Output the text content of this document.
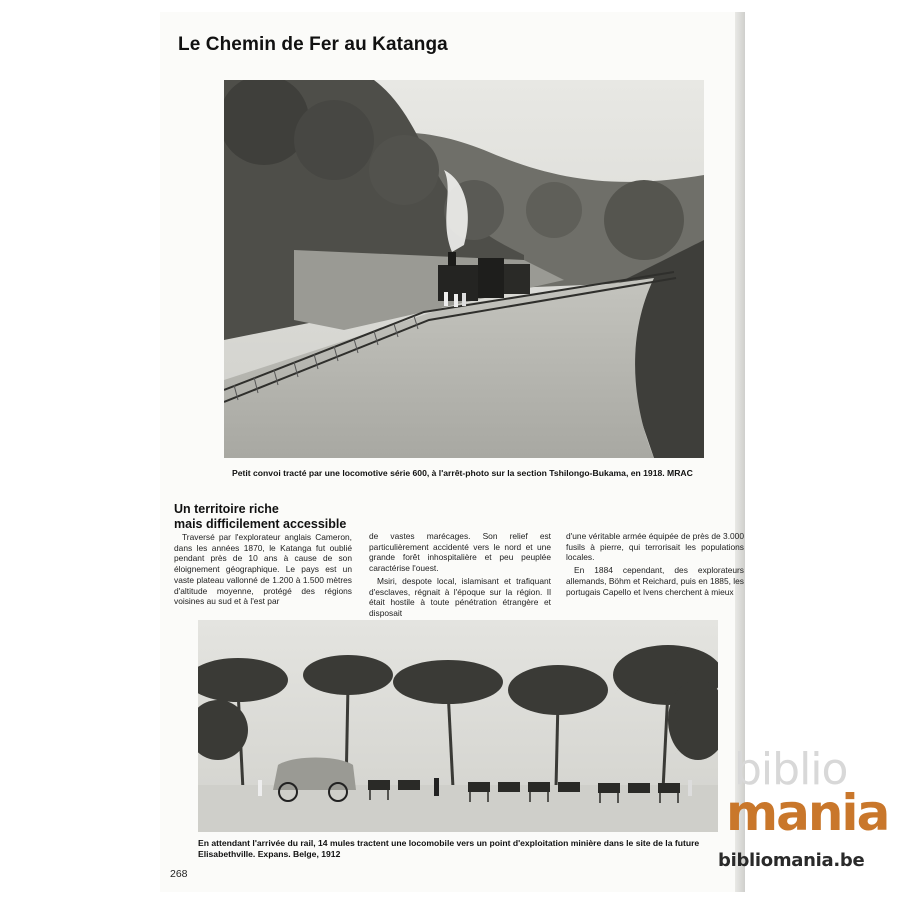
Le Chemin de Fer au Katanga
Petit convoi tracté par une locomotive série 600, à l'arrêt-photo sur la section Tshilongo-Bukama, en 1918. MRAC
Un territoire riche
mais difficilement accessible

Traversé par l'explorateur anglais Cameron, dans les années 1870, le Katanga fut oublié pendant près de 10 ans à cause de son éloignement géographique. Le pays est un vaste plateau vallonné de 1.200 à 1.500 mètres d'altitude moyenne, protégé des régions voisines au sud et à l'est par

de vastes marécages. Son relief est particulièrement accidenté vers le nord et une grande forêt inhospitalière et peu peuplée caractérise l'ouest.

Msiri, despote local, islamisant et trafiquant d'esclaves, régnait à l'époque sur la région. Il était hostile à toute pénétration étrangère et disposait

d'une véritable armée équipée de près de 3.000 fusils à pierre, qui terrorisait les populations locales.

En 1884 cependant, des explorateurs allemands, Böhm et Reichard, puis en 1885, les portugais Capello et Ivens cherchent à mieux

En attendant l'arrivée du rail, 14 mules tractent une locomobile vers un point d'exploitation minière dans le site de la future Elisabethville. Expans. Belge, 1912
268
biblio
mania
bibliomania.be
